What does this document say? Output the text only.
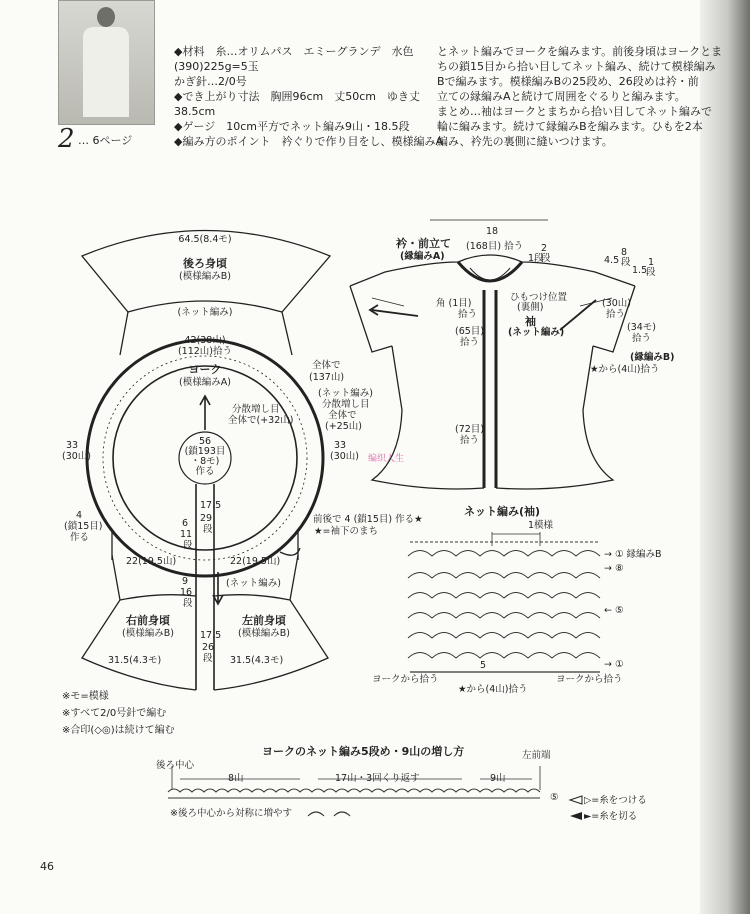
2 … 6ページ
◆材料　糸…オリムパス　エミーグランデ　水色
(390)225g=5玉
かぎ針…2/0号
◆でき上がり寸法　胸囲96cm　丈50cm　ゆき丈
38.5cm
◆ゲージ　10cm平方でネット編み9山・18.5段
◆編み方のポイント　衿ぐりで作り目をし、模様編みA
とネット編みでヨークを編みます。前後身頃はヨークとま
ちの鎖15目から拾い目してネット編み、続けて模様編み
Bで編みます。模様編みBの25段め、26段めは衿・前
立ての縁編みAと続けて周囲をぐるりと編みます。
まとめ…袖はヨークとまちから拾い目してネット編みで
輪に編みます。続けて縁編みBを編みます。ひもを2本
編み、衿先の裏側に縫いつけます。
64.5(8.4モ)
後ろ身頃
(模様編みB)
(ネット編み)
42(38山)
(112山)拾う
全体で
(137山)
ヨーク
(模様編みA)
(ネット編み)
分散増し目
全体で
(+25山)
分散増し目
全体で(+32山)
56
(鎖193目
・8モ)
作る
33
(30山)
33
(30山)
4
(鎖15目)
作る
前後で 4 (鎖15目) 作る★
★=袖下のまち
17.5
29
段
6
11
段
9
16
段
17.5
26
段
22(19.5山)	22(19.5山)
(ネット編み)
右前身頃
(模様編みB)
左前身頃
(模様編みB)
31.5(4.3モ)	31.5(4.3モ)
衿・前立て
(縁編みA)
18
(168目) 拾う 2
段
1段
角 (1目)
拾う
(65目)
拾う
(72目)
拾う
ひもつけ位置
(裏側)
袖
(ネット編み)
4.5
8
段
1.5
1
段
(30山)
拾う
(34モ)
拾う
(縁編みB)
★から(4山)拾う
ネット編み(袖)
1模様
→ ① 縁編みB
→ ⑧
← ⑤
→ ①
5
ヨークから拾う	ヨークから拾う
★から(4山)拾う
※モ=模様
※すべて2/0号針で編む
※合印(◇◎)は続けて編む
ヨークのネット編み5段め・9山の増し方
後ろ中心
左前端
8山	17山・3回くり返す	9山
⑤
※後ろ中心から対称に増やす
▷=糸をつける
►=糸を切る
编织人生
46
